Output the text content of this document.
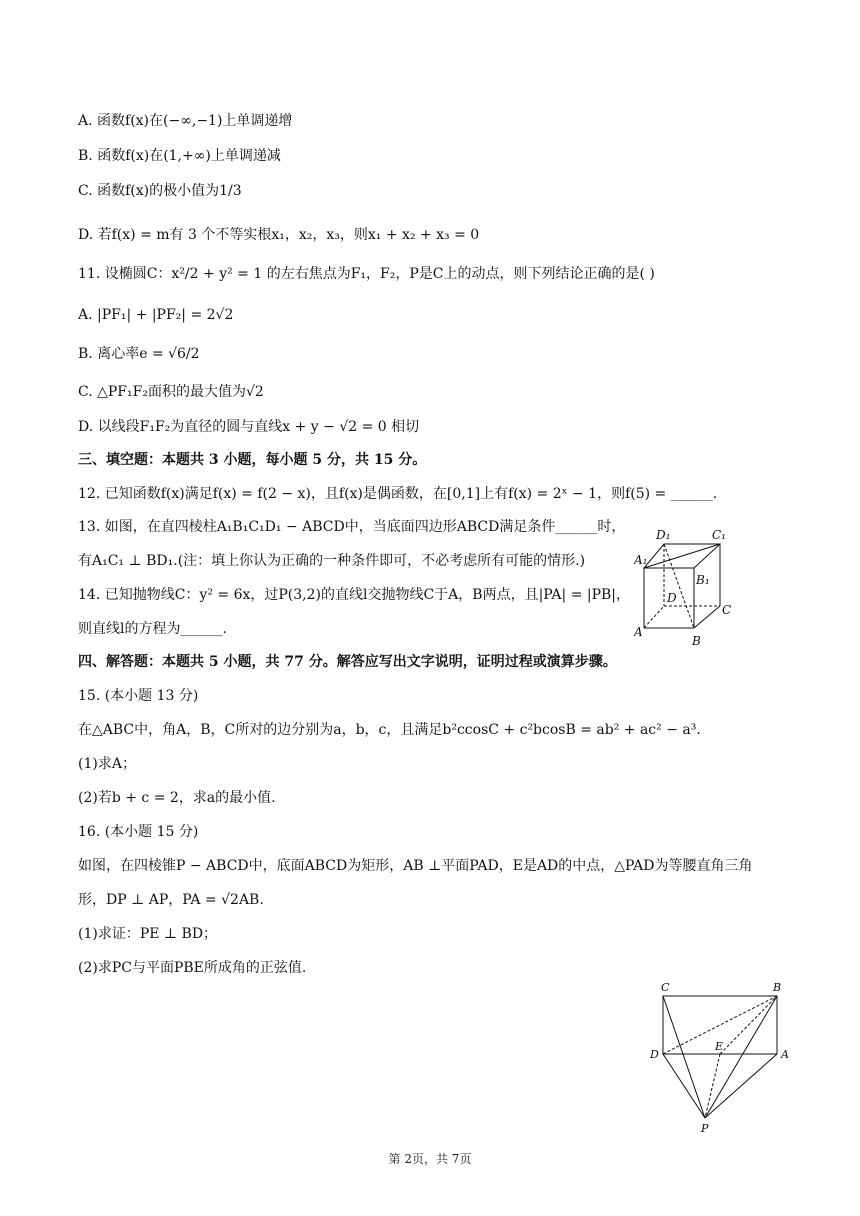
A. 函数f(x)在(−∞,−1)上单调递增
B. 函数f(x)在(1,+∞)上单调递减
C. 函数f(x)的极小值为1/3
D. 若f(x) = m有 3 个不等实根x₁，x₂，x₃，则x₁ + x₂ + x₃ = 0
11. 设椭圆C：x²/2 + y² = 1 的左右焦点为F₁，F₂，P是C上的动点，则下列结论正确的是( )
A. |PF₁| + |PF₂| = 2√2
B. 离心率e = √6/2
C. △PF₁F₂面积的最大值为√2
D. 以线段F₁F₂为直径的圆与直线x + y − √2 = 0 相切
三、填空题：本题共 3 小题，每小题 5 分，共 15 分。
12. 已知函数f(x)满足f(x) = f(2 − x)，且f(x)是偶函数，在[0,1]上有f(x) = 2ˣ − 1，则f(5) = ______.
13. 如图，在直四棱柱A₁B₁C₁D₁ − ABCD中，当底面四边形ABCD满足条件______时，
有A₁C₁ ⊥ BD₁.(注：填上你认为正确的一种条件即可，不必考虑所有可能的情形.)
14. 已知抛物线C：y² = 6x，过P(3,2)的直线l交抛物线C于A，B两点，且|PA| = |PB|，
则直线l的方程为______.
四、解答题：本题共 5 小题，共 77 分。解答应写出文字说明，证明过程或演算步骤。
15. (本小题 13 分)
在△ABC中，角A，B，C所对的边分别为a，b，c，且满足b²ccosC + c²bcosB = ab² + ac² − a³.
(1)求A；
(2)若b + c = 2，求a的最小值.
16. (本小题 15 分)
如图，在四棱锥P − ABCD中，底面ABCD为矩形，AB ⊥平面PAD，E是AD的中点，△PAD为等腰直角三角
形，DP ⊥ AP，PA = √2AB.
(1)求证：PE ⊥ BD；
(2)求PC与平面PBE所成角的正弦值.
D₁	C₁
A₁
B₁
D
C
A
B
C	B
D
E
A
P
第 2页，共 7页
